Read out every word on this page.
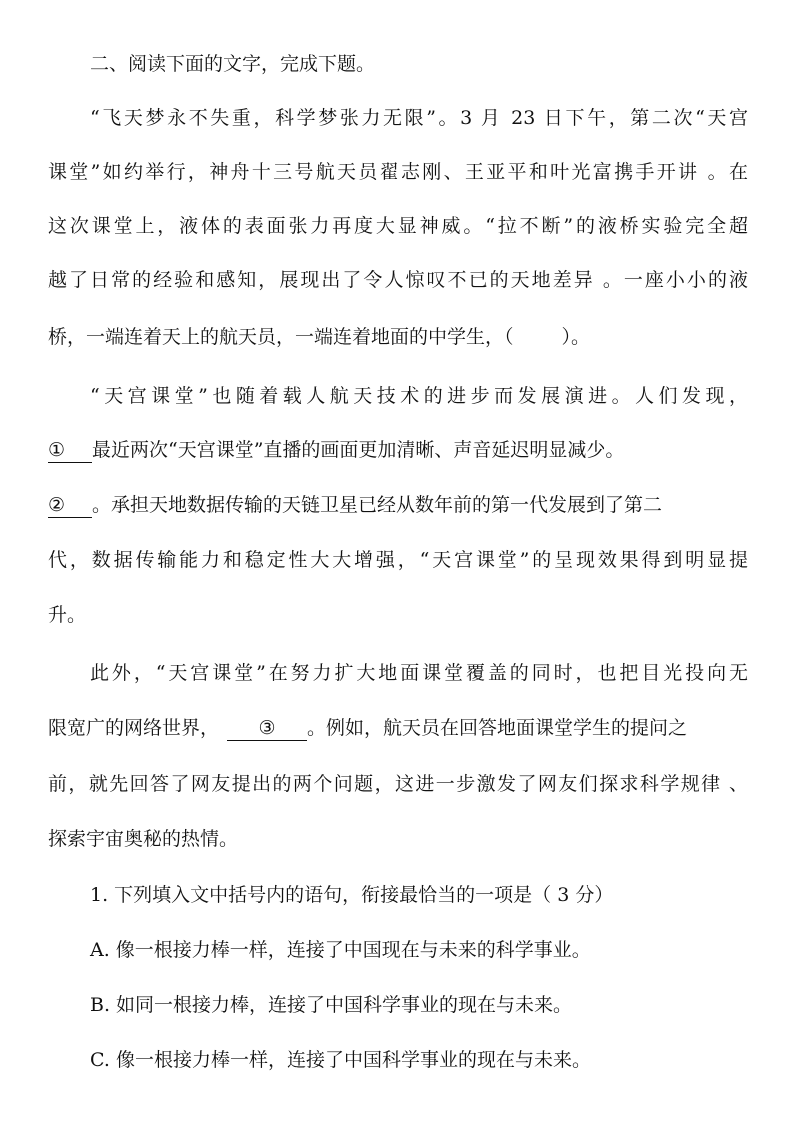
二、阅读下面的文字，完成下题。
“飞天梦永不失重，科学梦张力无限”。3 月 23 日下午，第二次“天宫
课堂”如约举行，神舟十三号航天员翟志刚、王亚平和叶光富携手开讲 。在
这次课堂上，液体的表面张力再度大显神威。“拉不断”的液桥实验完全超
越了日常的经验和感知，展现出了令人惊叹不已的天地差异 。一座小小的液
桥，一端连着天上的航天员，一端连着地面的中学生，（	）。
“天宫课堂”也随着载人航天技术的进步而发展演进。人们发现，
① 最近两次“天宫课堂”直播的画面更加清晰、声音延迟明显减少。
② 。承担天地数据传输的天链卫星已经从数年前的第一代发展到了第二
代，数据传输能力和稳定性大大增强，“天宫课堂”的呈现效果得到明显提
升。
此外，“天宫课堂”在努力扩大地面课堂覆盖的同时，也把目光投向无
限宽广的网络世界， ③ 。例如，航天员在回答地面课堂学生的提问之
前，就先回答了网友提出的两个问题，这进一步激发了网友们探求科学规律 、
探索宇宙奥秘的热情。
1. 下列填入文中括号内的语句，衔接最恰当的一项是（ 3 分）
A. 像一根接力棒一样，连接了中国现在与未来的科学事业。
B. 如同一根接力棒，连接了中国科学事业的现在与未来。
C. 像一根接力棒一样，连接了中国科学事业的现在与未来。
